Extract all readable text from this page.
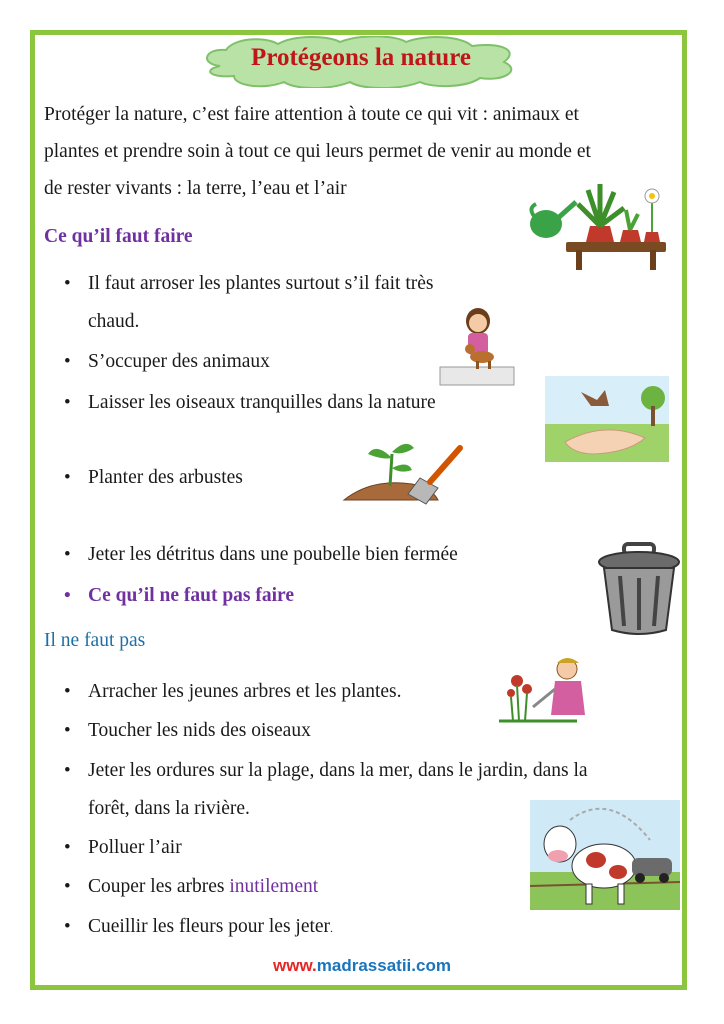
Protégeons la nature

Protéger la nature, c’est faire attention à toute ce qui vit : animaux et

plantes et prendre soin à tout ce qui leurs permet de venir au monde et

de rester vivants : la terre, l’eau et l’air

Ce qu’il faut faire
• Il faut arroser les plantes surtout s’il fait très
chaud.
• S’occuper des animaux
• Laisser les oiseaux tranquilles dans la nature
• Planter des arbustes
• Jeter les détritus dans une poubelle bien fermée
• Ce qu’il ne faut pas faire
Il ne faut pas
• Arracher les jeunes arbres et les plantes.
• Toucher les nids des oiseaux
• Jeter les ordures sur la plage, dans la mer, dans le jardin, dans la
forêt, dans la rivière.
• Polluer l’air
• Couper les arbres inutilement
• Cueillir les fleurs pour les jeter.
www.madrassatii.com
